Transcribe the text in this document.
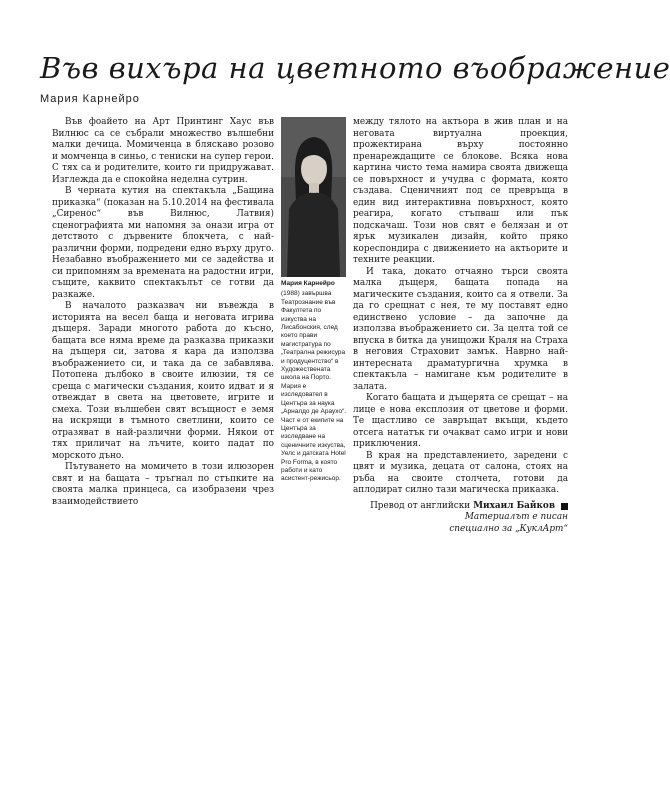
Във вихъра на цветното въображение
Мария Карнейро

Във фоайето на Арт Принтинг Хаус във Вилнюс са се събрали множество вълшебни малки дечица. Момиченца в бляскаво розово и момченца в синьо, с тениски на супер герои. С тях са и родителите, които ги придружават. Изглежда да е спокойна неделна сутрин.

В черната кутия на спектакъла „Бащина приказка“ (показан на 5.10.2014 на фестивала „Сиренос“ във Вилнюс, Латвия) сценографията ми напомня за онази игра от детството с дървените блокчета, с най-различни форми, подредени едно върху друго. Незабавно въображението ми се задейства и си припомням за времената на радостни игри, същите, каквито спектакълът се готви да разкаже.

В началото разказвач ни въвежда в историята на весел баща и неговата игрива дъщеря. Заради многото работа до късно, бащата все няма време да разказва приказки на дъщеря си, затова я кара да използва въображението си, и така да се забавлява. Потопена дълбоко в своите илюзии, тя се среща с магически създания, които идват и я отвеждат в света на цветовете, игрите и смеха. Този вълшебен свят всъщност е земя на искрящи в тъмното светлини, които се отразяват в най-различни форми. Някои от тях приличат на лъчите, които падат по морското дъно.

Пътуването на момичето в този илюзорен свят и на бащата – тръгнал по стъпките на своята малка принцеса, са изобразени чрез взаимодействието

Мария Карнейро
(1988) завършва Театрознание във Факултета по изкуства на Лисабонския, след което прави магистратура по „Театрална режисура и продуцентство“ в Художествената школа на Порто. Мария е изследовател в Центъра за наука „Арналдо де Араухо“. Част е от екипите на Центъра за изследване на сценичните изкуства, Уелс и датската Hotel Pro Forma, в която работи и като асистент-режисьор.

между тялото на актьора в жив план и на неговата виртуална проекция, прожектирана върху постоянно пренареждащите се блокове. Всяка нова картина чисто тема намира своята движеща се повърхност и учудва с формата, която създава. Сценичният под се превръща в един вид интерактивна повърхност, която реагира, когато стъпваш или пък подскачаш. Този нов свят е белязан и от ярък музикален дизайн, който пряко кореспондира с движението на актьорите и техните реакции.

И така, докато отчаяно търси своята малка дъщеря, бащата попада на магическите създания, които са я отвели. За да го срещнат с нея, те му поставят едно единствено условие – да започне да използва въображението си. За целта той се впуска в битка да унищожи Краля на Страха в неговия Страховит замък. Наврно най-интересната драматургична хрумка в спектакъла – намигане към родителите в залата.

Когато бащата и дъщерята се срещат – на лице е нова експлозия от цветове и форми. Те щастливо се завръщат вкъщи, където отсега нататък ги очакват само игри и нови приключения.

В края на представлението, заредени с цвят и музика, децата от салона, стоях на ръба на своите столчета, готови да аплодират силно тази магическа приказка.

Превод от английски Михаил Байков
Материалът е писан
специално за „КуклАрт“
